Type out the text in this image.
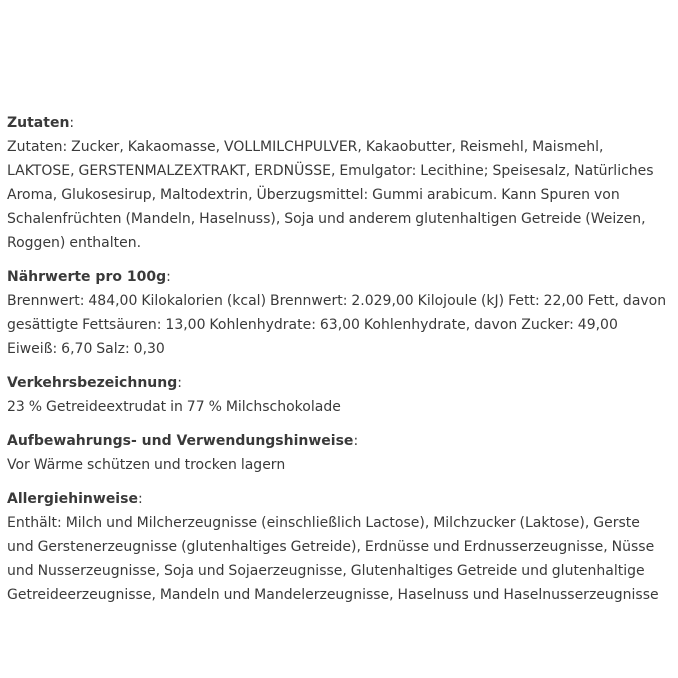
Zutaten:
Zutaten: Zucker, Kakaomasse, VOLLMILCHPULVER, Kakaobutter, Reismehl, Maismehl, LAKTOSE, GERSTENMALZEXTRAKT, ERDNÜSSE, Emulgator: Lecithine; Speisesalz, Natürliches Aroma, Glukosesirup, Maltodextrin, Überzugsmittel: Gummi arabicum. Kann Spuren von Schalenfrüchten (Mandeln, Haselnuss), Soja und anderem glutenhaltigen Getreide (Weizen, Roggen) enthalten.
Nährwerte pro 100g:
Brennwert: 484,00 Kilokalorien (kcal) Brennwert: 2.029,00 Kilojoule (kJ) Fett: 22,00 Fett, davon gesättigte Fettsäuren: 13,00 Kohlenhydrate: 63,00 Kohlenhydrate, davon Zucker: 49,00 Eiweiß: 6,70 Salz: 0,30
Verkehrsbezeichnung:
23 % Getreideextrudat in 77 % Milchschokolade
Aufbewahrungs- und Verwendungshinweise:
Vor Wärme schützen und trocken lagern
Allergiehinweise:
Enthält: Milch und Milcherzeugnisse (einschließlich Lactose), Milchzucker (Laktose), Gerste und Gerstenerzeugnisse (glutenhaltiges Getreide), Erdnüsse und Erdnusserzeugnisse, Nüsse und Nusserzeugnisse, Soja und Sojaerzeugnisse, Glutenhaltiges Getreide und glutenhaltige Getreideerzeugnisse, Mandeln und Mandelerzeugnisse, Haselnuss und Haselnusserzeugnisse
